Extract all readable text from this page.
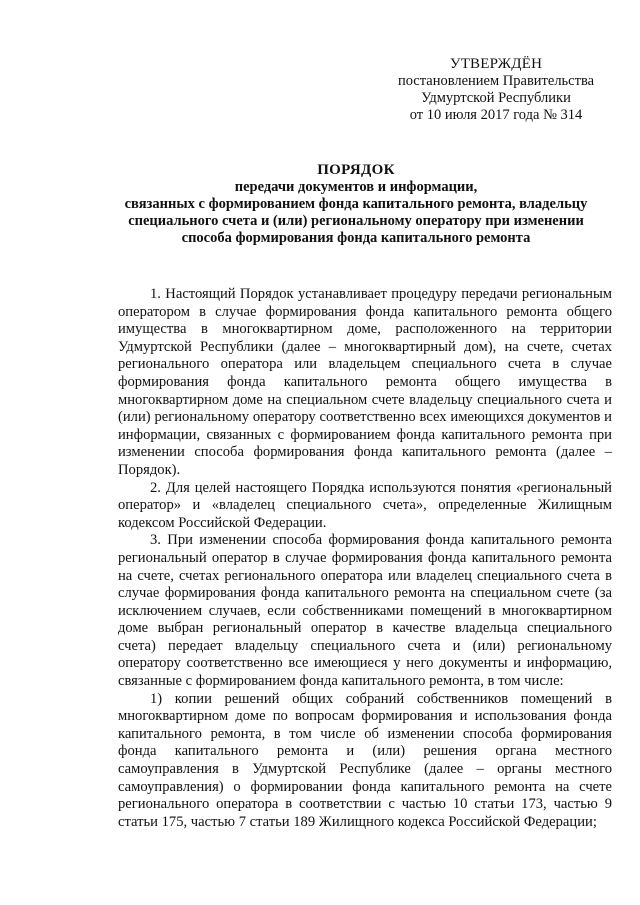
УТВЕРЖДЁН
постановлением Правительства
Удмуртской Республики
от 10 июля 2017 года № 314
ПОРЯДОК
передачи документов и информации,
связанных с формированием фонда капитального ремонта, владельцу
специального счета и (или) региональному оператору при изменении
способа формирования фонда капитального ремонта

1. Настоящий Порядок устанавливает процедуру передачи региональным оператором в случае формирования фонда капитального ремонта общего имущества в многоквартирном доме, расположенного на территории Удмуртской Республики (далее – многоквартирный дом), на счете, счетах регионального оператора или владельцем специального счета в случае формирования фонда капитального ремонта общего имущества в многоквартирном доме на специальном счете владельцу специального счета и (или) региональному оператору соответственно всех имеющихся документов и информации, связанных с формированием фонда капитального ремонта при изменении способа формирования фонда капитального ремонта (далее – Порядок).

2. Для целей настоящего Порядка используются понятия «региональный оператор» и «владелец специального счета», определенные Жилищным кодексом Российской Федерации.

3. При изменении способа формирования фонда капитального ремонта региональный оператор в случае формирования фонда капитального ремонта на счете, счетах регионального оператора или владелец специального счета в случае формирования фонда капитального ремонта на специальном счете (за исключением случаев, если собственниками помещений в многоквартирном доме выбран региональный оператор в качестве владельца специального счета) передает владельцу специального счета и (или) региональному оператору соответственно все имеющиеся у него документы и информацию, связанные с формированием фонда капитального ремонта, в том числе:

1) копии решений общих собраний собственников помещений в многоквартирном доме по вопросам формирования и использования фонда капитального ремонта, в том числе об изменении способа формирования фонда капитального ремонта и (или) решения органа местного самоуправления в Удмуртской Республике (далее – органы местного самоуправления) о формировании фонда капитального ремонта на счете регионального оператора в соответствии с частью 10 статьи 173, частью 9 статьи 175, частью 7 статьи 189 Жилищного кодекса Российской Федерации;
